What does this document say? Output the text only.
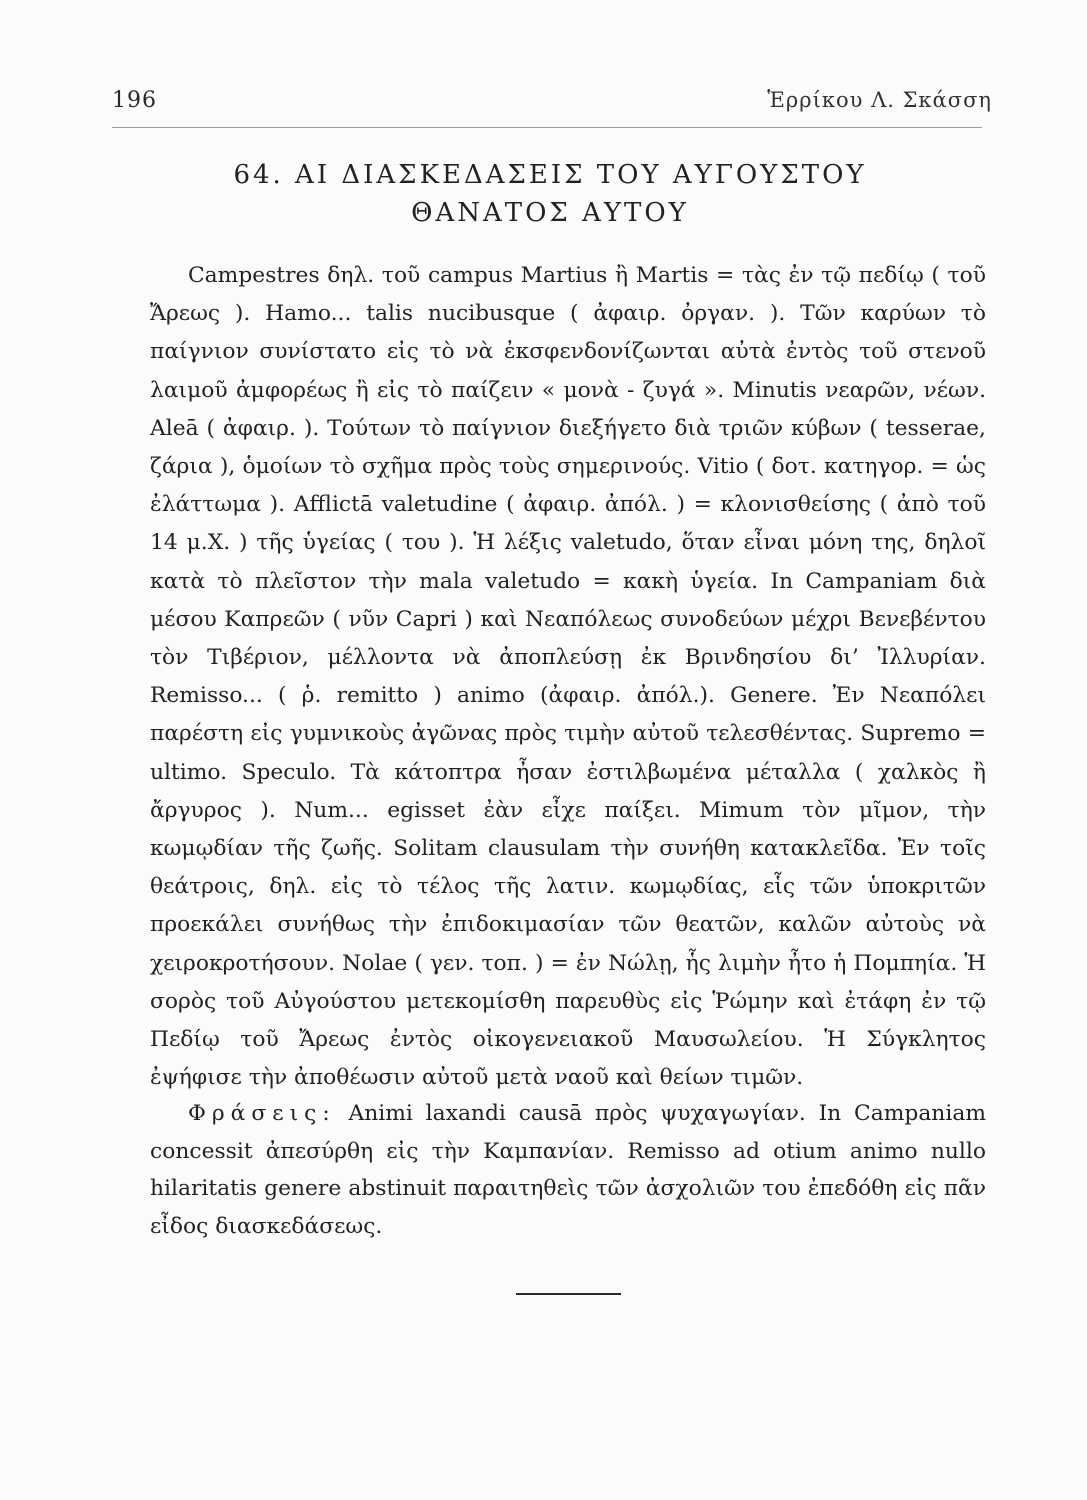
196	Ἑρρίκου Λ. Σκάσση
64. ΑΙ ΔΙΑΣΚΕΔΑΣΕΙΣ ΤΟΥ ΑΥΓΟΥΣΤΟΥ
ΘΑΝΑΤΟΣ ΑΥΤΟΥ

Campestres δηλ. τοῦ campus Martius ἢ Martis = τὰς ἐν τῷ πεδίῳ ( τοῦ Ἄρεως ). Hamo... talis nucibusque ( ἀφαιρ. ὀργαν. ). Τῶν καρύων τὸ παίγνιον συνίστατο εἰς τὸ νὰ ἐκσφενδονίζωνται αὐτὰ ἐντὸς τοῦ στενοῦ λαιμοῦ ἀμφορέως ἢ εἰς τὸ παίζειν « μονὰ - ζυγά ». Minutis νεαρῶν, νέων. Aleā ( ἀφαιρ. ). Τούτων τὸ παίγνιον διεξήγετο διὰ τριῶν κύβων ( tesserae, ζάρια ), ὁμοίων τὸ σχῆμα πρὸς τοὺς σημερινούς. Vitio ( δοτ. κατηγορ. = ὡς ἐλάττωμα ). Afflictā valetudine ( ἀφαιρ. ἀπόλ. ) = κλονισθείσης ( ἀπὸ τοῦ 14 μ.Χ. ) τῆς ὑγείας ( του ). Ἡ λέξις valetudo, ὅταν εἶναι μόνη της, δηλοῖ κατὰ τὸ πλεῖστον τὴν mala valetudo = κακὴ ὑγεία. In Campaniam διὰ μέσου Καπρεῶν ( νῦν Capri ) καὶ Νεαπόλεως συνοδεύων μέχρι Βενεβέντου τὸν Τιβέριον, μέλλοντα νὰ ἀποπλεύσῃ ἐκ Βρινδησίου δι’ Ἰλλυρίαν. Remisso... ( ῥ. remitto ) animo (ἀφαιρ. ἀπόλ.). Genere. Ἐν Νεαπόλει παρέστη εἰς γυμνικοὺς ἀγῶνας πρὸς τιμὴν αὐτοῦ τελεσθέντας. Supremo = ultimo. Speculo. Τὰ κάτοπτρα ἦσαν ἐστιλβωμένα μέταλλα ( χαλκὸς ἢ ἄργυρος ). Num... egisset ἐὰν εἶχε παίξει. Mimum τὸν μῖμον, τὴν κωμῳδίαν τῆς ζωῆς. Solitam clausulam τὴν συνήθη κατακλεῖδα. Ἐν τοῖς θεάτροις, δηλ. εἰς τὸ τέλος τῆς λατιν. κωμῳδίας, εἷς τῶν ὑποκριτῶν προεκάλει συνήθως τὴν ἐπιδοκιμασίαν τῶν θεατῶν, καλῶν αὐτοὺς νὰ χειροκροτήσουν. Nolae ( γεν. τοπ. ) = ἐν Νώλῃ, ἧς λιμὴν ἦτο ἡ Πομπηία. Ἡ σορὸς τοῦ Αὐγούστου μετεκομίσθη παρευθὺς εἰς Ῥώμην καὶ ἐτάφη ἐν τῷ Πεδίῳ τοῦ Ἄρεως ἐντὸς οἰκογενειακοῦ Μαυσωλείου. Ἡ Σύγκλητος ἐψήφισε τὴν ἀποθέωσιν αὐτοῦ μετὰ ναοῦ καὶ θείων τιμῶν.

Φράσεις: Animi laxandi causā πρὸς ψυχαγωγίαν. In Campaniam concessit ἀπεσύρθη εἰς τὴν Καμπανίαν. Remisso ad otium animo nullo hilaritatis genere abstinuit παραιτηθεὶς τῶν ἀσχολιῶν του ἐπεδόθη εἰς πᾶν εἶδος διασκεδάσεως.
